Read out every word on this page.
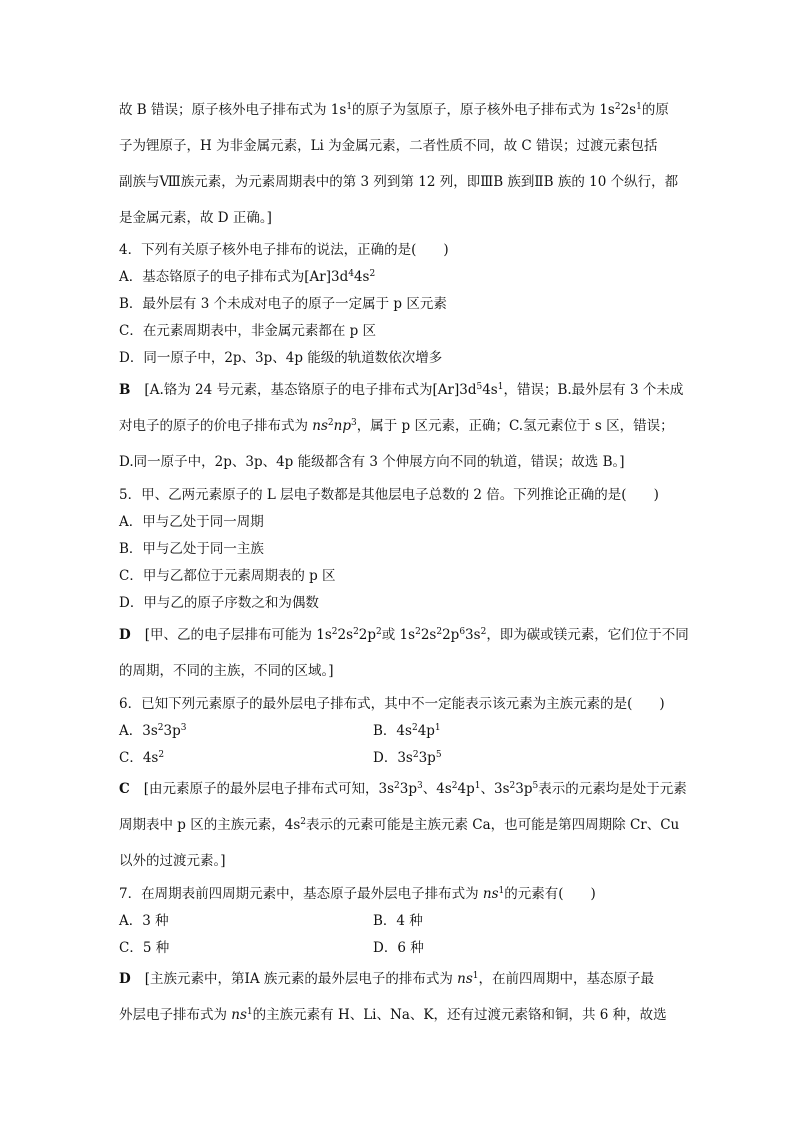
故 B 错误；原子核外电子排布式为 $1s^1$的原子为氢原子，原子核外电子排布式为 $1s^22s^1$的原
子为锂原子，H 为非金属元素，Li 为金属元素，二者性质不同，故 C 错误；过渡元素包括
副族与Ⅷ族元素，为元素周期表中的第 3 列到第 12 列，即ⅢB 族到ⅡB 族的 10 个纵行，都
是金属元素，故 D 正确。]
4．下列有关原子核外电子排布的说法，正确的是(　　)
A．基态铬原子的电子排布式为$[Ar]3d^44s^2$
B．最外层有 3 个未成对电子的原子一定属于 p 区元素
C．在元素周期表中，非金属元素都在 p 区
D．同一原子中，2p、3p、4p 能级的轨道数依次增多
B [A.铬为 24 号元素，基态铬原子的电子排布式为$[Ar]3d^54s^1$，错误；B.最外层有 3 个未成
对电子的原子的价电子排布式为 $ns^2np^3$，属于 p 区元素，正确；C.氢元素位于 s 区，错误；
D.同一原子中，2p、3p、4p 能级都含有 3 个伸展方向不同的轨道，错误；故选 B。]
5．甲、乙两元素原子的 L 层电子数都是其他层电子总数的 2 倍。下列推论正确的是(　　)
A．甲与乙处于同一周期
B．甲与乙处于同一主族
C．甲与乙都位于元素周期表的 p 区
D．甲与乙的原子序数之和为偶数
D [甲、乙的电子层排布可能为 $1s^22s^22p^2$或 $1s^22s^22p^63s^2$，即为碳或镁元素，它们位于不同
的周期，不同的主族，不同的区域。]
6．已知下列元素原子的最外层电子排布式，其中不一定能表示该元素为主族元素的是(　　)
A．$3s^23p^3$	B．$4s^24p^1$
C．$4s^2$	D．$3s^23p^5$
C [由元素原子的最外层电子排布式可知，$3s^23p^3$、$4s^24p^1$、$3s^23p^5$表示的元素均是处于元素
周期表中 p 区的主族元素，$4s^2$表示的元素可能是主族元素 Ca，也可能是第四周期除 Cr、Cu
以外的过渡元素。]
7．在周期表前四周期元素中，基态原子最外层电子排布式为 $ns^1$的元素有(　　)
A．3 种	B．4 种
C．5 种	D．6 种
D [主族元素中，第ⅠA 族元素的最外层电子的排布式为 $ns^1$，在前四周期中，基态原子最
外层电子排布式为 $ns^1$的主族元素有 H、Li、Na、K，还有过渡元素铬和铜，共 6 种，故选
